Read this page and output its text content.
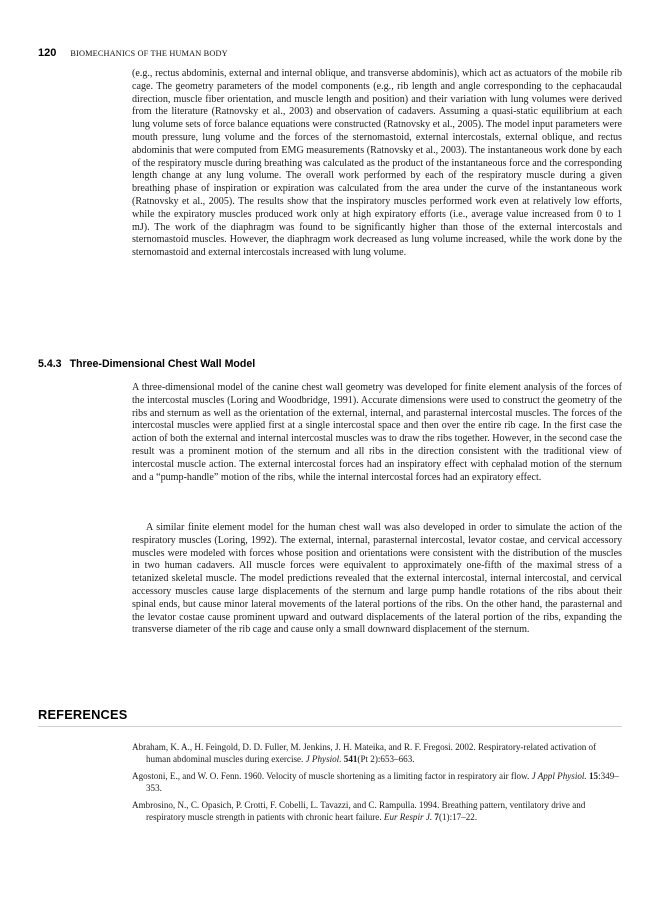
120 BIOMECHANICS OF THE HUMAN BODY

(e.g., rectus abdominis, external and internal oblique, and transverse abdominis), which act as actuators of the mobile rib cage. The geometry parameters of the model components (e.g., rib length and angle corresponding to the cephacaudal direction, muscle fiber orientation, and muscle length and position) and their variation with lung volumes were derived from the literature (Ratnovsky et al., 2003) and observation of cadavers. Assuming a quasi-static equilibrium at each lung volume sets of force balance equations were constructed (Ratnovsky et al., 2005). The model input parameters were mouth pressure, lung volume and the forces of the sternomastoid, external intercostals, external oblique, and rectus abdominis that were computed from EMG measurements (Ratnovsky et al., 2003). The instantaneous work done by each of the respiratory muscle during breathing was calculated as the product of the instantaneous force and the corresponding length change at any lung volume. The overall work performed by each of the respiratory muscle during a given breathing phase of inspiration or expiration was calculated from the area under the curve of the instantaneous work (Ratnovsky et al., 2005). The results show that the inspiratory muscles performed work even at relatively low efforts, while the expiratory muscles produced work only at high expiratory efforts (i.e., average value increased from 0 to 1 mJ). The work of the diaphragm was found to be significantly higher than those of the external intercostals and sternomastoid muscles. However, the diaphragm work decreased as lung volume increased, while the work done by the sternomastoid and external intercostals increased with lung volume.

5.4.3 Three-Dimensional Chest Wall Model

A three-dimensional model of the canine chest wall geometry was developed for finite element analysis of the forces of the intercostal muscles (Loring and Woodbridge, 1991). Accurate dimensions were used to construct the geometry of the ribs and sternum as well as the orientation of the external, internal, and parasternal intercostal muscles. The forces of the intercostal muscles were applied first at a single intercostal space and then over the entire rib cage. In the first case the action of both the external and internal intercostal muscles was to draw the ribs together. However, in the second case the result was a prominent motion of the sternum and all ribs in the direction consistent with the traditional view of intercostal muscle action. The external intercostal forces had an inspiratory effect with cephalad motion of the sternum and a “pump-handle” motion of the ribs, while the internal intercostal forces had an expiratory effect.

A similar finite element model for the human chest wall was also developed in order to simulate the action of the respiratory muscles (Loring, 1992). The external, internal, parasternal intercostal, levator costae, and cervical accessory muscles were modeled with forces whose position and orientations were consistent with the distribution of the muscles in two human cadavers. All muscle forces were equivalent to approximately one-fifth of the maximal stress of a tetanized skeletal muscle. The model predictions revealed that the external intercostal, internal intercostal, and cervical accessory muscles cause large displacements of the sternum and large pump handle rotations of the ribs about their spinal ends, but cause minor lateral movements of the lateral portions of the ribs. On the other hand, the parasternal and the levator costae cause prominent upward and outward displacements of the lateral portion of the ribs, expanding the transverse diameter of the rib cage and cause only a small downward displacement of the sternum.

REFERENCES
Abraham, K. A., H. Feingold, D. D. Fuller, M. Jenkins, J. H. Mateika, and R. F. Fregosi. 2002. Respiratory-related activation of human abdominal muscles during exercise. J Physiol. 541(Pt 2):653–663.
Agostoni, E., and W. O. Fenn. 1960. Velocity of muscle shortening as a limiting factor in respiratory air flow. J Appl Physiol. 15:349–353.
Ambrosino, N., C. Opasich, P. Crotti, F. Cobelli, L. Tavazzi, and C. Rampulla. 1994. Breathing pattern, ventilatory drive and respiratory muscle strength in patients with chronic heart failure. Eur Respir J. 7(1):17–22.
